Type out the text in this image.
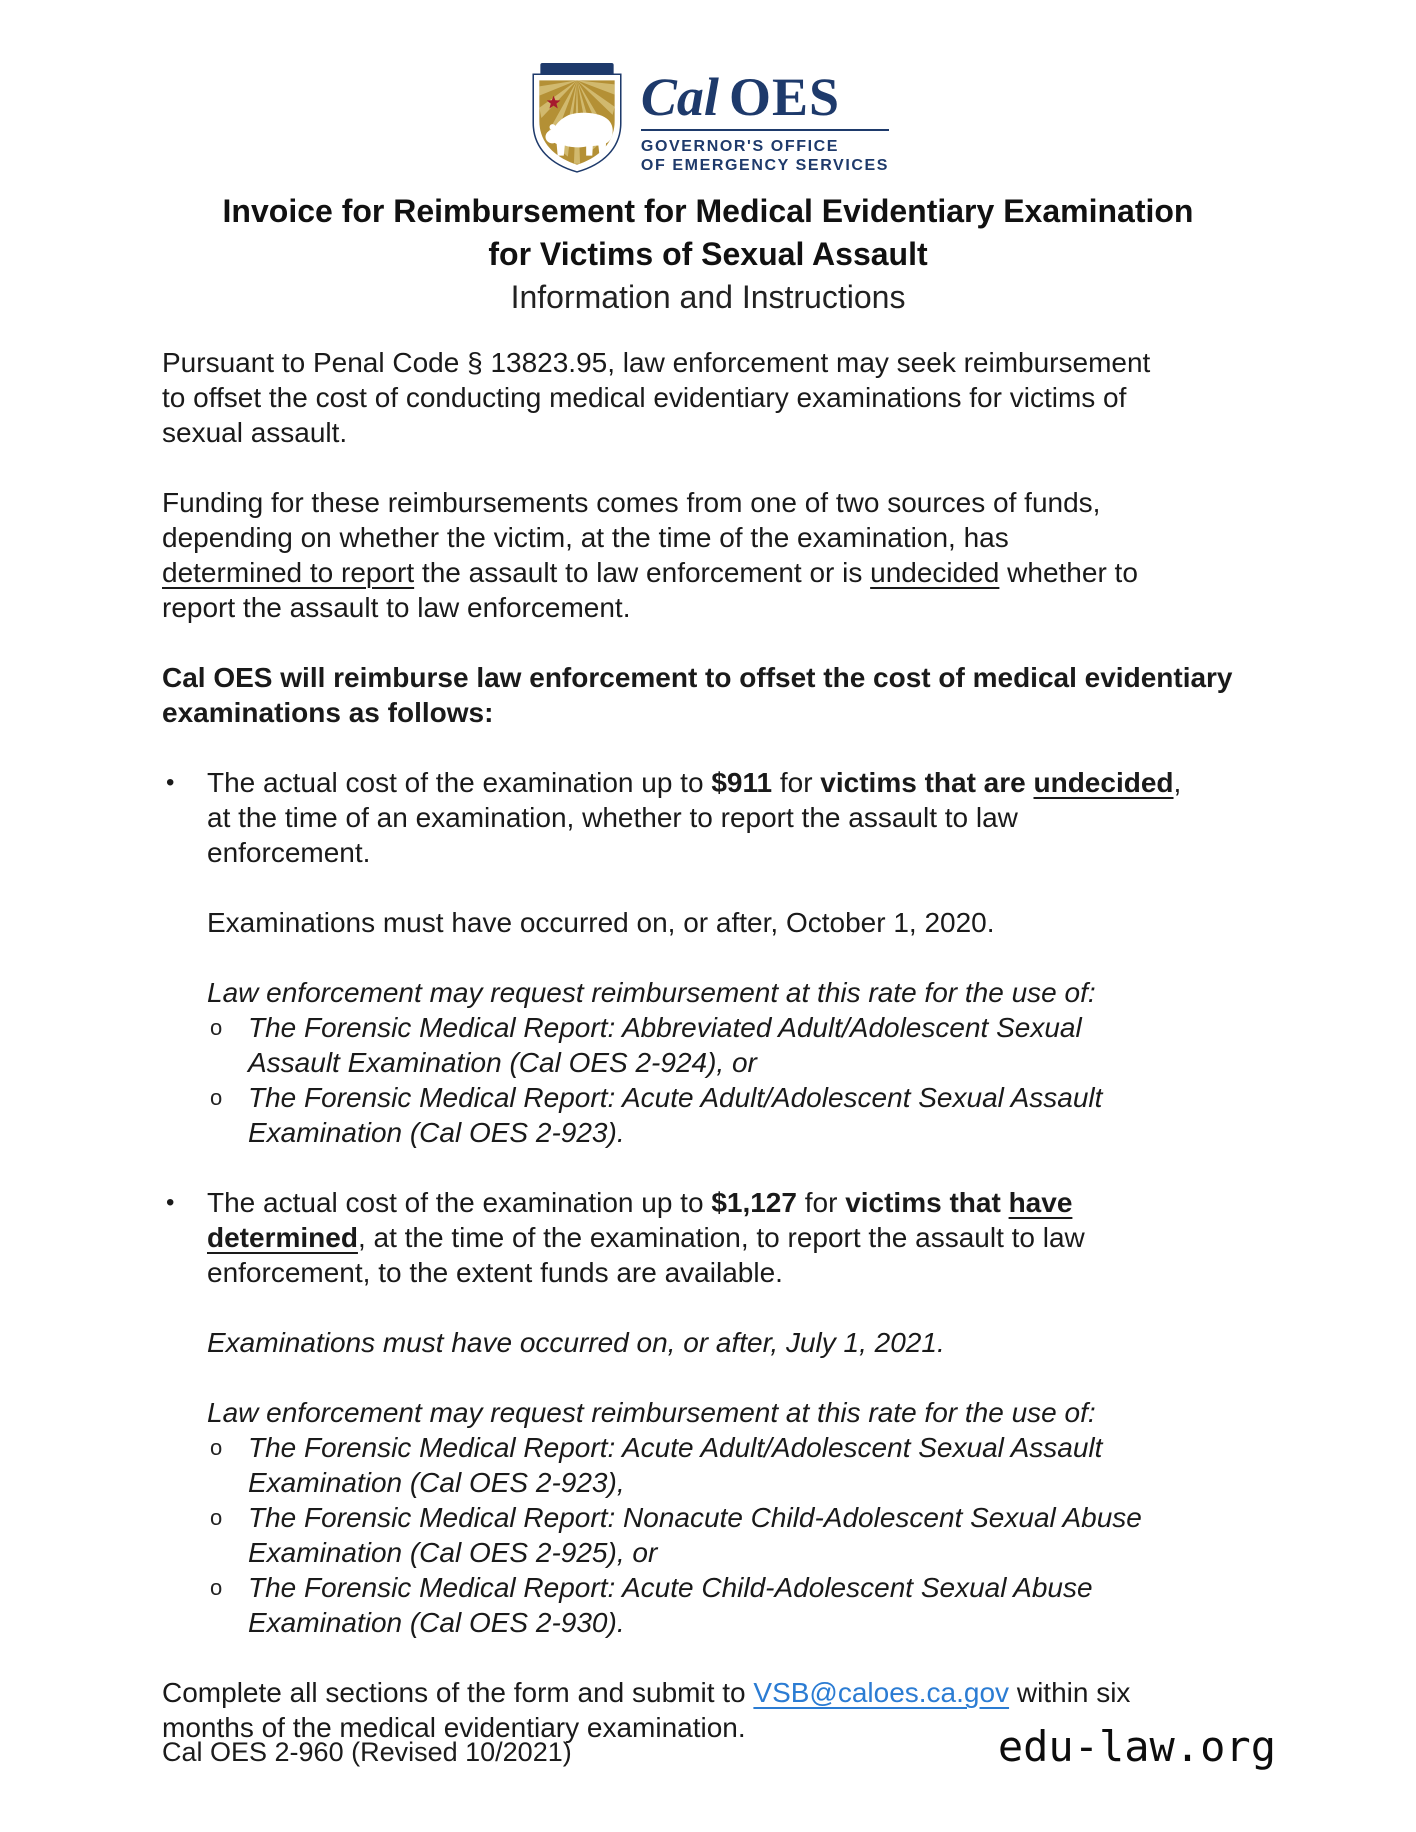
Cal OES
GOVERNOR'S OFFICE
OF EMERGENCY SERVICES
Invoice for Reimbursement for Medical Evidentiary Examination
for Victims of Sexual Assault
Information and Instructions
Pursuant to Penal Code § 13823.95, law enforcement may seek reimbursement
to offset the cost of conducting medical evidentiary examinations for victims of
sexual assault.
Funding for these reimbursements comes from one of two sources of funds,
depending on whether the victim, at the time of the examination, has
determined to report the assault to law enforcement or is undecided whether to
report the assault to law enforcement.
Cal OES will reimburse law enforcement to offset the cost of medical evidentiary
examinations as follows:
•	The actual cost of the examination up to $911 for victims that are undecided,
at the time of an examination, whether to report the assault to law
enforcement.
Examinations must have occurred on, or after, October 1, 2020.
Law enforcement may request reimbursement at this rate for the use of:
o The Forensic Medical Report: Abbreviated Adult/Adolescent Sexual
Assault Examination (Cal OES 2-924), or
o The Forensic Medical Report: Acute Adult/Adolescent Sexual Assault
Examination (Cal OES 2-923).
•	The actual cost of the examination up to $1,127 for victims that have
determined, at the time of the examination, to report the assault to law
enforcement, to the extent funds are available.
Examinations must have occurred on, or after, July 1, 2021.
Law enforcement may request reimbursement at this rate for the use of:
o The Forensic Medical Report: Acute Adult/Adolescent Sexual Assault
Examination (Cal OES 2-923),
o The Forensic Medical Report: Nonacute Child-Adolescent Sexual Abuse
Examination (Cal OES 2-925), or
o The Forensic Medical Report: Acute Child-Adolescent Sexual Abuse
Examination (Cal OES 2-930).
Complete all sections of the form and submit to VSB@caloes.ca.gov within six
months of the medical evidentiary examination.
Cal OES 2-960 (Revised 10/2021)	edu-law.org
